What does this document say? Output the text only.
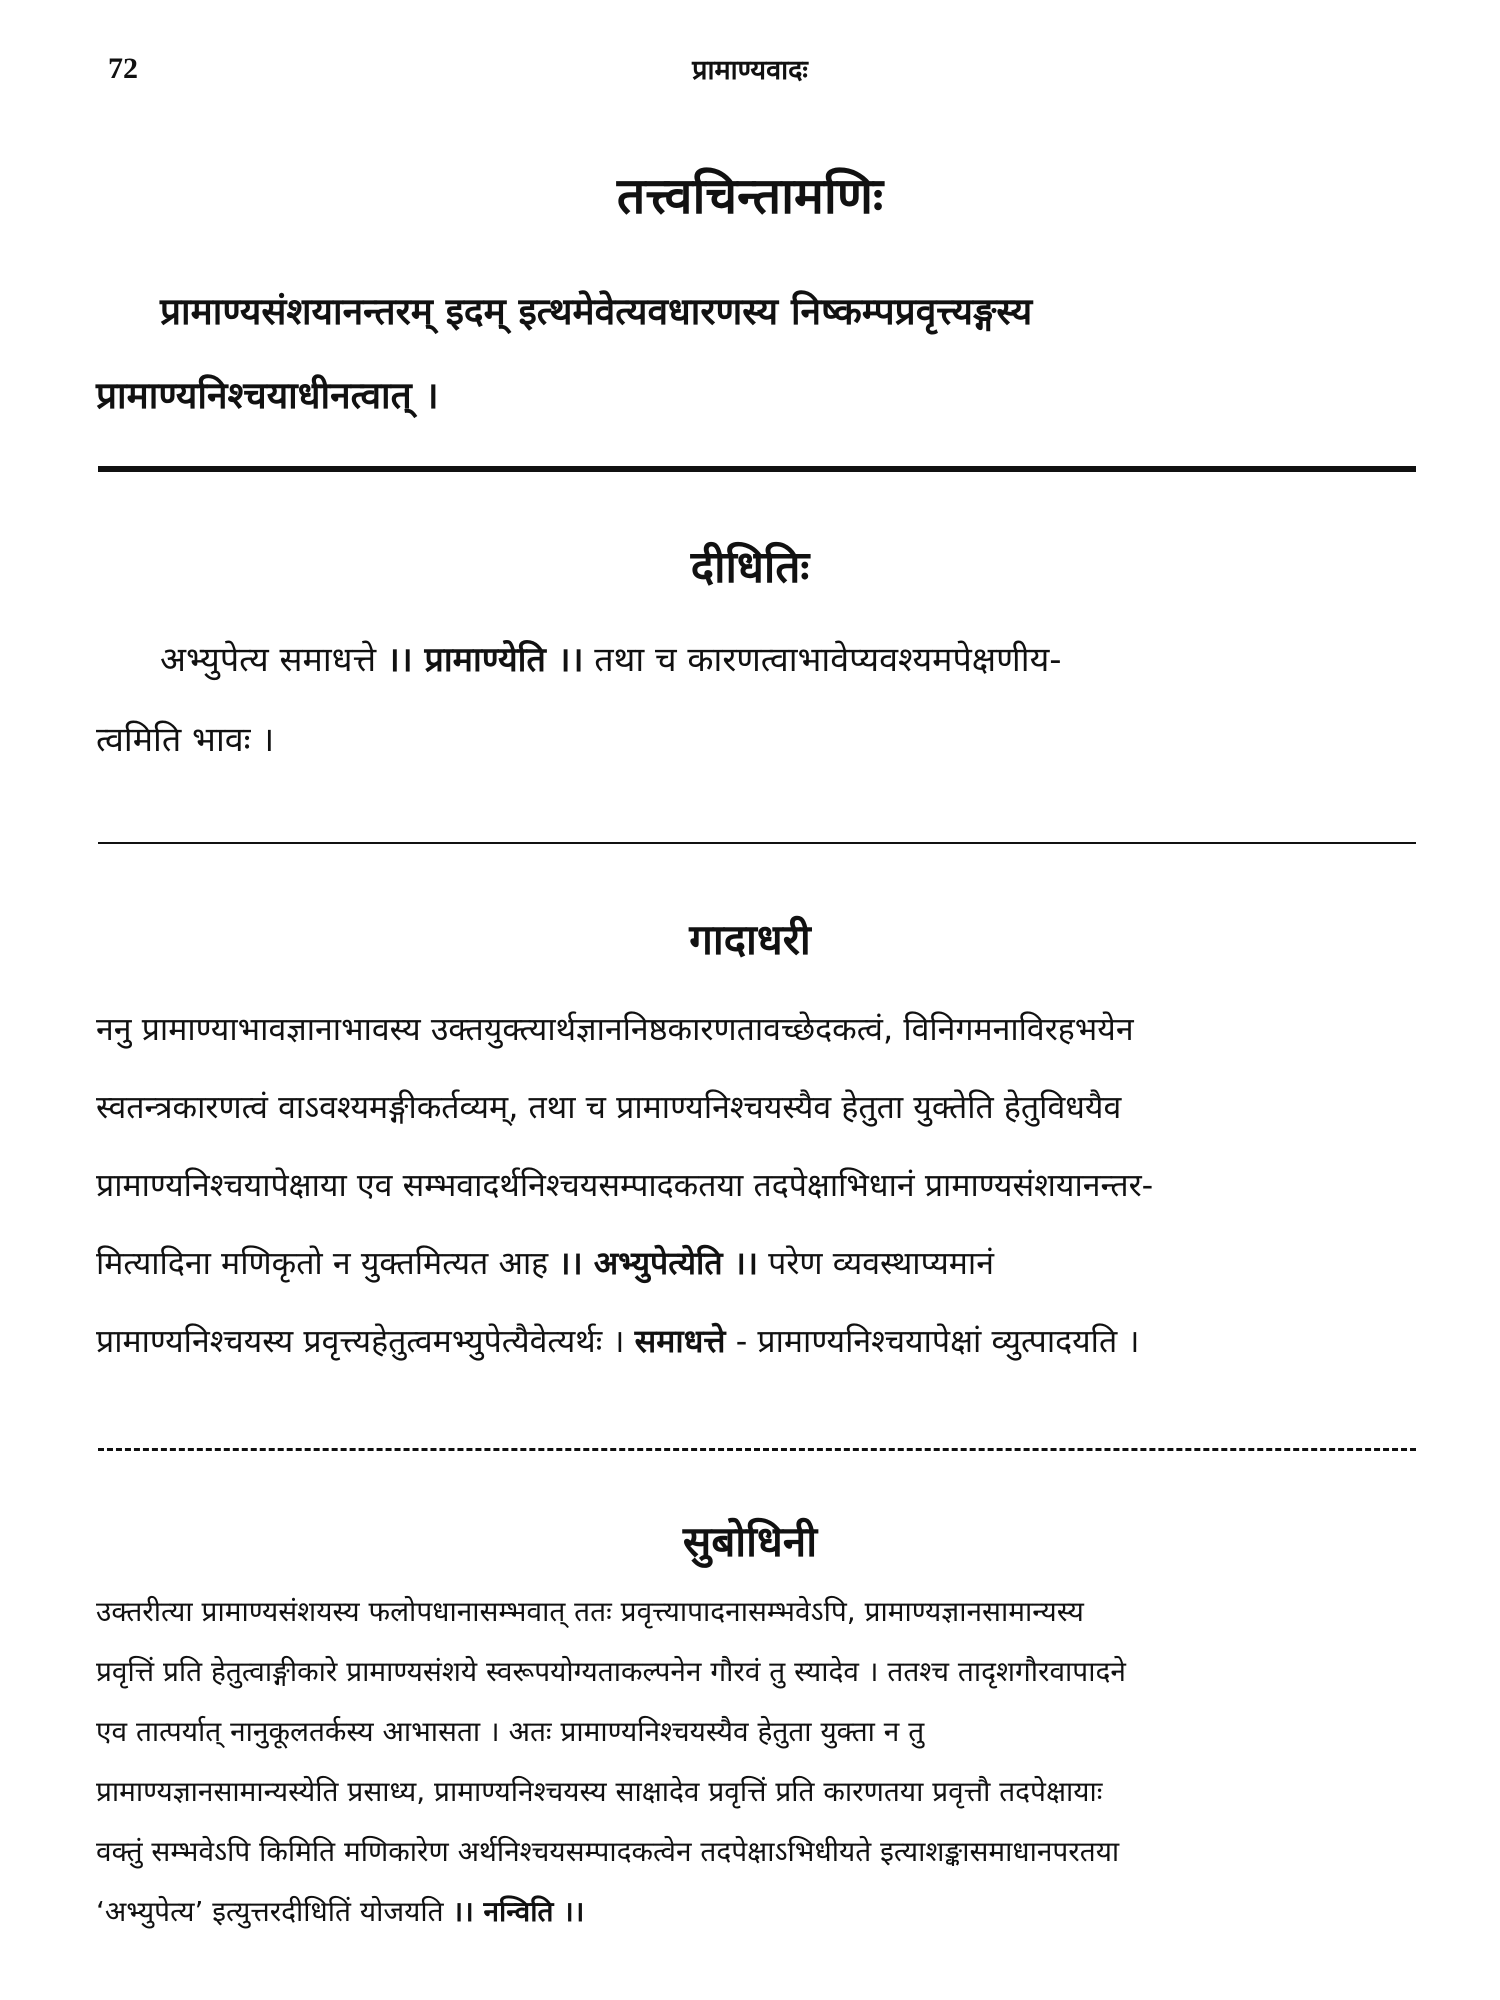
72	प्रामाण्यवादः
तत्त्वचिन्तामणिः
प्रामाण्यसंशयानन्तरम् इदम् इत्थमेवेत्यवधारणस्य निष्कम्पप्रवृत्त्यङ्गस्य
प्रामाण्यनिश्चयाधीनत्वात् ।
दीधितिः
अभ्युपेत्य समाधत्ते ।। प्रामाण्येति ।। तथा च कारणत्वाभावेप्यवश्यमपेक्षणीय-
त्वमिति भावः ।
गादाधरी
ननु प्रामाण्याभावज्ञानाभावस्य उक्तयुक्त्यार्थज्ञाननिष्ठकारणतावच्छेदकत्वं, विनिगमनाविरहभयेन
स्वतन्त्रकारणत्वं वाऽवश्यमङ्गीकर्तव्यम्, तथा च प्रामाण्यनिश्चयस्यैव हेतुता युक्तेति हेतुविधयैव
प्रामाण्यनिश्चयापेक्षाया एव सम्भवादर्थनिश्चयसम्पादकतया तदपेक्षाभिधानं प्रामाण्यसंशयानन्तर-
मित्यादिना मणिकृतो न युक्तमित्यत आह ।। अभ्युपेत्येति ।। परेण व्यवस्थाप्यमानं
प्रामाण्यनिश्चयस्य प्रवृत्त्यहेतुत्वमभ्युपेत्यैवेत्यर्थः । समाधत्ते - प्रामाण्यनिश्चयापेक्षां व्युत्पादयति ।
सुबोधिनी
उक्तरीत्या प्रामाण्यसंशयस्य फलोपधानासम्भवात् ततः प्रवृत्त्यापादनासम्भवेऽपि, प्रामाण्यज्ञानसामान्यस्य
प्रवृत्तिं प्रति हेतुत्वाङ्गीकारे प्रामाण्यसंशये स्वरूपयोग्यताकल्पनेन गौरवं तु स्यादेव । ततश्च तादृशगौरवापादने
एव तात्पर्यात् नानुकूलतर्कस्य आभासता । अतः प्रामाण्यनिश्चयस्यैव हेतुता युक्ता न तु
प्रामाण्यज्ञानसामान्यस्येति प्रसाध्य, प्रामाण्यनिश्चयस्य साक्षादेव प्रवृत्तिं प्रति कारणतया प्रवृत्तौ तदपेक्षायाः
वक्तुं सम्भवेऽपि किमिति मणिकारेण अर्थनिश्चयसम्पादकत्वेन तदपेक्षाऽभिधीयते इत्याशङ्कासमाधानपरतया
‘अभ्युपेत्य’ इत्युत्तरदीधितिं योजयति ।। नन्विति ।।
